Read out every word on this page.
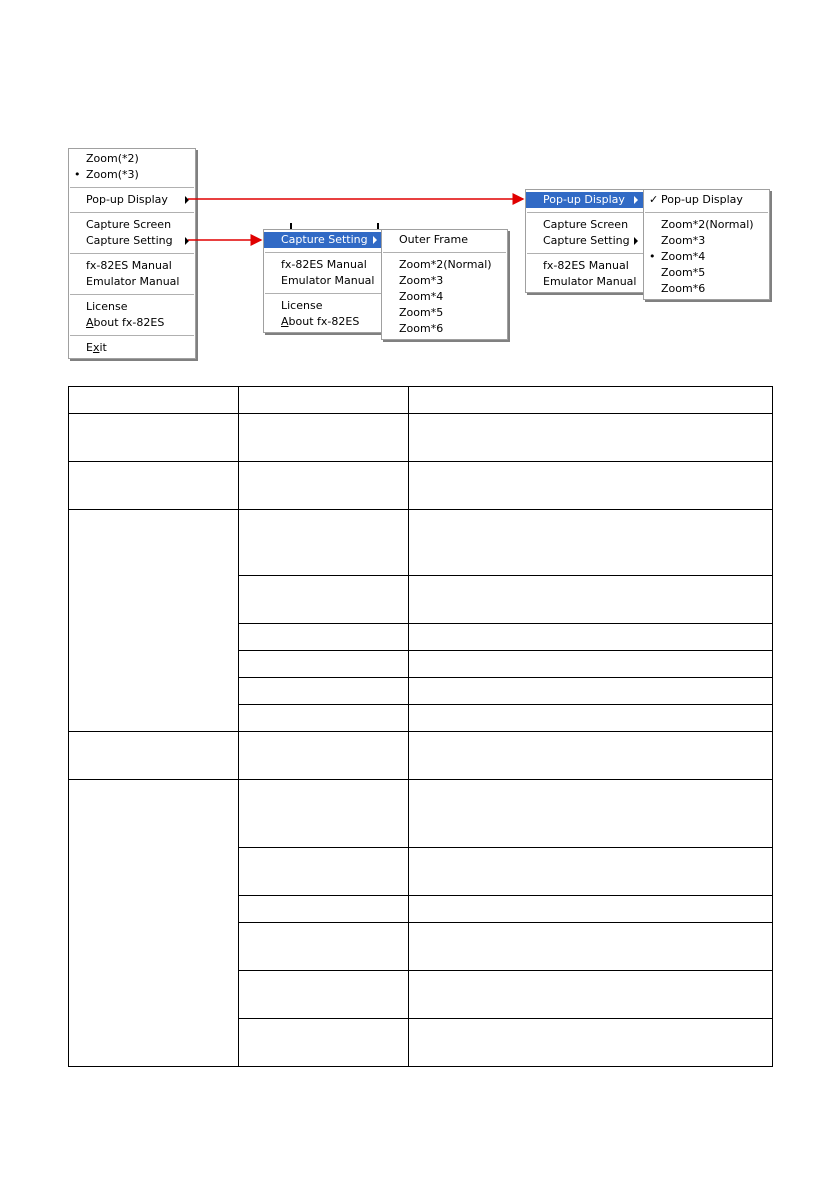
Zoom(*2)
• Zoom(*3)
Pop-up Display
Capture Screen
Capture Setting
fx-82ES Manual
Emulator Manual
License
About fx-82ES
Exit
Capture Setting
fx-82ES Manual
Emulator Manual
License
About fx-82ES
Outer Frame
Zoom*2(Normal)
Zoom*3
Zoom*4
Zoom*5
Zoom*6
Pop-up Display
Capture Screen
Capture Setting
fx-82ES Manual
Emulator Manual
✓ Pop-up Display
Zoom*2(Normal)
Zoom*3
• Zoom*4
Zoom*5
Zoom*6
